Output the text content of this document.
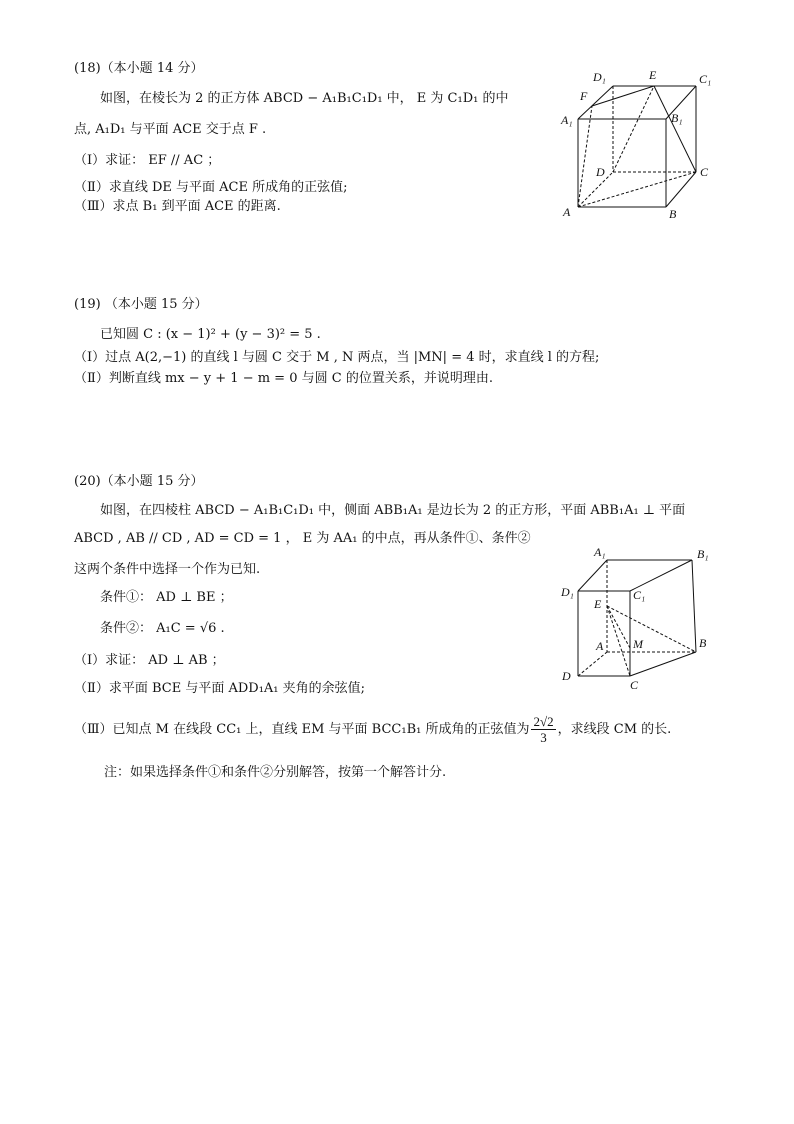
(18)（本小题 14 分）
如图，在棱长为 2 的正方体 ABCD − A₁B₁C₁D₁ 中， E 为 C₁D₁ 的中
点, A₁D₁ 与平面 ACE 交于点 F .
（Ⅰ）求证： EF // AC ；
（Ⅱ）求直线 DE 与平面 ACE 所成角的正弦值;
（Ⅲ）求点 B₁ 到平面 ACE 的距离.
D₁	E	C₁
F
A₁	B₁
D	C
A	B
(19) （本小题 15 分）
已知圆 C : (x − 1)² + (y − 3)² = 5 .
（Ⅰ）过点 A(2,−1) 的直线 l 与圆 C 交于 M , N 两点，当 |MN| = 4 时，求直线 l 的方程;
（Ⅱ）判断直线 mx − y + 1 − m = 0 与圆 C 的位置关系，并说明理由.
(20)（本小题 15 分）
如图，在四棱柱 ABCD − A₁B₁C₁D₁ 中，侧面 ABB₁A₁ 是边长为 2 的正方形，平面 ABB₁A₁ ⊥ 平面
ABCD , AB // CD , AD = CD = 1 ， E 为 AA₁ 的中点，再从条件①、条件②
这两个条件中选择一个作为已知.
条件①： AD ⊥ BE ；
条件②： A₁C = √6 .
（Ⅰ）求证： AD ⊥ AB ；
（Ⅱ）求平面 BCE 与平面 ADD₁A₁ 夹角的余弦值;
（Ⅲ）已知点 M 在线段 CC₁ 上，直线 EM 与平面 BCC₁B₁ 所成角的正弦值为 $\frac{2√2}{3}$ ，求线段 CM 的长.
注：如果选择条件①和条件②分别解答，按第一个解答计分.
A₁	B₁
D₁	C₁
E
A M	B
D
C
